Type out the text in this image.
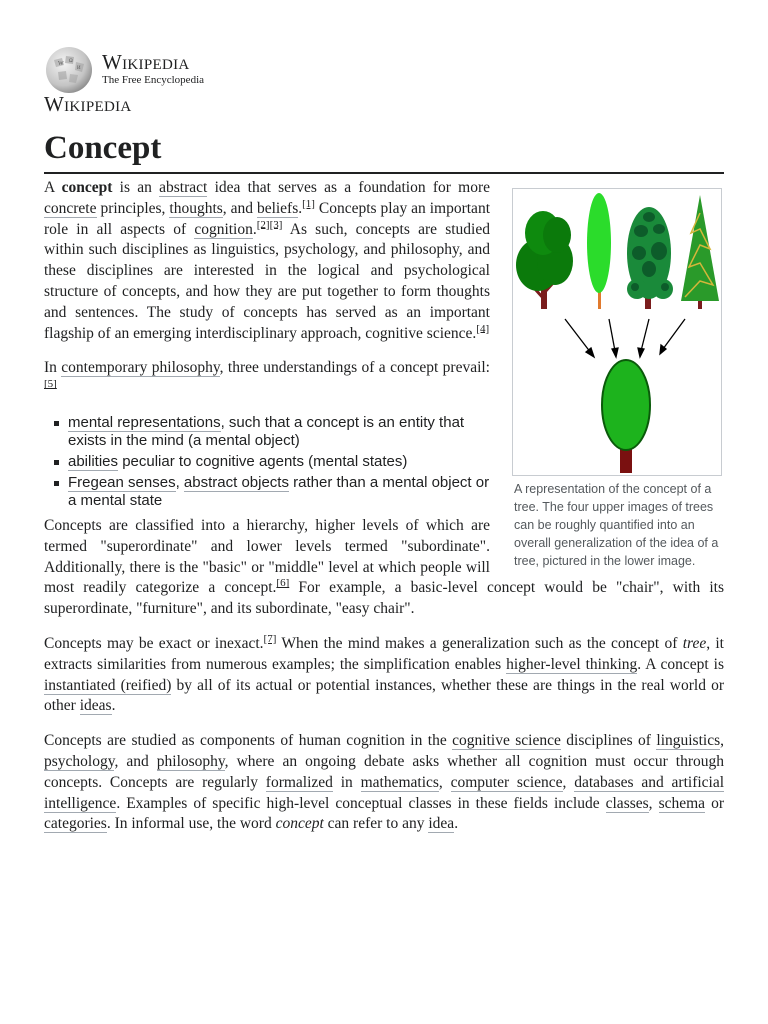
W Ω
И Wikipedia
The Free Encyclopedia
Wikipedia
Concept
A representation of the concept of a tree. The four upper images of trees can be roughly quantified into an overall generalization of the idea of a tree, pictured in the lower image.

A concept is an abstract idea that serves as a foundation for more concrete principles, thoughts, and beliefs.[1] Concepts play an important role in all aspects of cognition.[2][3] As such, concepts are studied within such disciplines as linguistics, psychology, and philosophy, and these disciplines are interested in the logical and psychological structure of concepts, and how they are put together to form thoughts and sentences. The study of concepts has served as an important flagship of an emerging interdisciplinary approach, cognitive science.[4]

In contemporary philosophy, three understandings of a concept prevail:[5]

mental representations, such that a concept is an entity that exists in the mind (a mental object)
abilities peculiar to cognitive agents (mental states)
Fregean senses, abstract objects rather than a mental object or a mental state

Concepts are classified into a hierarchy, higher levels of which are termed "superordinate" and lower levels termed "subordinate". Additionally, there is the "basic" or "middle" level at which people will most readily categorize a concept.[6] For example, a basic-level concept would be "chair", with its superordinate, "furniture", and its subordinate, "easy chair".

Concepts may be exact or inexact.[7] When the mind makes a generalization such as the concept of tree, it extracts similarities from numerous examples; the simplification enables higher-level thinking. A concept is instantiated (reified) by all of its actual or potential instances, whether these are things in the real world or other ideas.

Concepts are studied as components of human cognition in the cognitive science disciplines of linguistics, psychology, and philosophy, where an ongoing debate asks whether all cognition must occur through concepts. Concepts are regularly formalized in mathematics, computer science, databases and artificial intelligence. Examples of specific high-level conceptual classes in these fields include classes, schema or categories. In informal use, the word concept can refer to any idea.
